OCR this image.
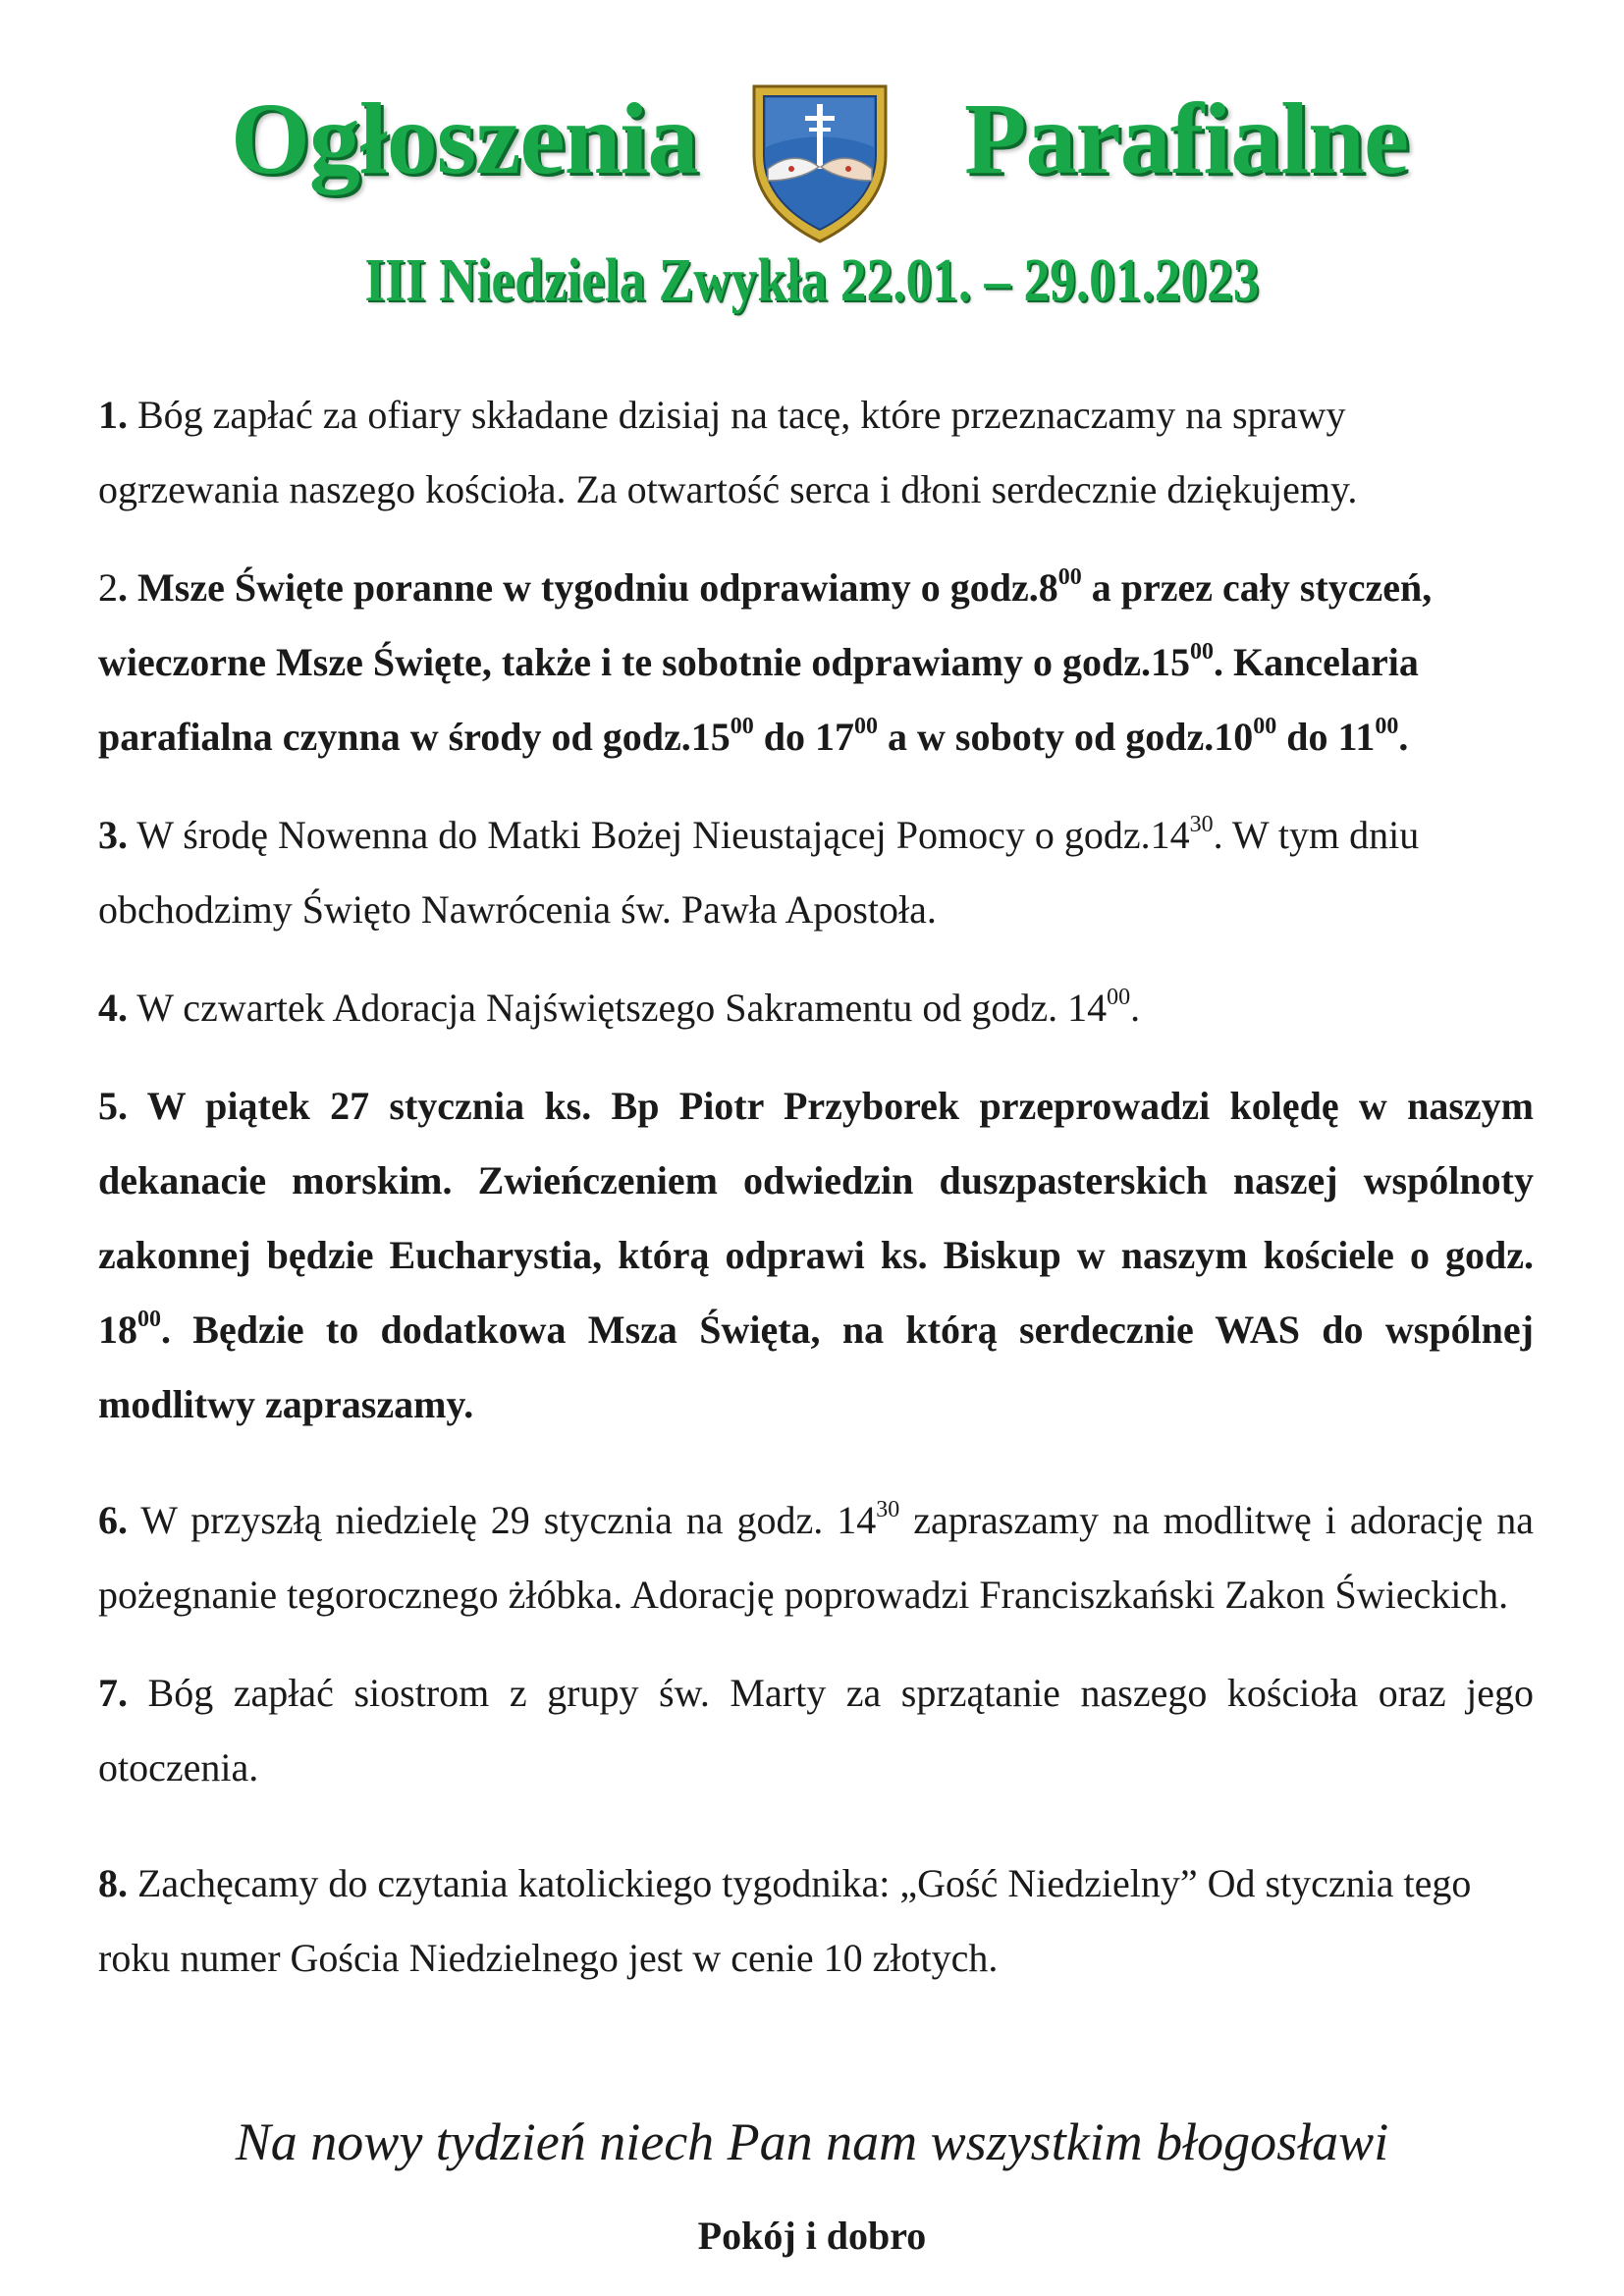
Ogłoszenia	Parafialne
III Niedziela Zwykła 22.01. – 29.01.2023

1. Bóg zapłać za ofiary składane dzisiaj na tacę, które przeznaczamy na sprawy ogrzewania naszego kościoła. Za otwartość serca i dłoni serdecznie dziękujemy.

2. Msze Święte poranne w tygodniu odprawiamy o $godz.8^{00}$ a przez cały styczeń, wieczorne Msze Święte, także i te sobotnie odprawiamy o $godz.15^{00}$. Kancelaria parafialna czynna w środy od $godz.15^{00}$ do $17^{00}$ a w soboty od $godz.10^{00}$ do $11^{00}$.

3. W środę Nowenna do Matki Bożej Nieustającej Pomocy o $godz.14^{30}$. W tym dniu obchodzimy Święto Nawrócenia św. Pawła Apostoła.

4. W czwartek Adoracja Najświętszego Sakramentu od godz. $14^{00}$.

5. W piątek 27 stycznia ks. Bp Piotr Przyborek przeprowadzi kolędę w naszym dekanacie morskim. Zwieńczeniem odwiedzin duszpasterskich naszej wspólnoty zakonnej będzie Eucharystia, którą odprawi ks. Biskup w naszym kościele o godz. $18^{00}$. Będzie to dodatkowa Msza Święta, na którą serdecznie WAS do wspólnej modlitwy zapraszamy.

6. W przyszłą niedzielę 29 stycznia na godz. $14^{30}$ zapraszamy na modlitwę i adorację na pożegnanie tegorocznego żłóbka. Adorację poprowadzi Franciszkański Zakon Świeckich.

7. Bóg zapłać siostrom z grupy św. Marty za sprzątanie naszego kościoła oraz jego otoczenia.

8. Zachęcamy do czytania katolickiego tygodnika: „Gość Niedzielny” Od stycznia tego roku numer Gościa Niedzielnego jest w cenie 10 złotych.

Na nowy tydzień niech Pan nam wszystkim błogosławi
Pokój i dobro
